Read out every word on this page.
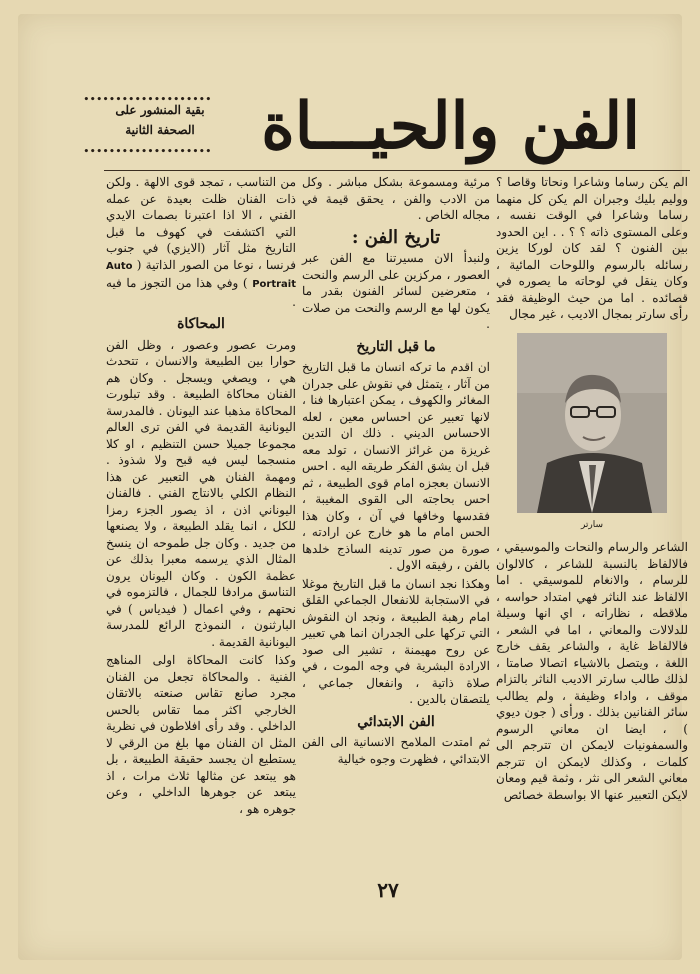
الفن والحيـــاة
••••••••••••••••••••
بقية المنشور على الصحفة الثانية
••••••••••••••••••••

الم يكن رساما وشاعرا ونحاتا وقاصا ؟ ووليم بليك وجبران الم يكن كل منهما رساما وشاعرا في الوقت نفسه ، وعلى المستوى ذاته ؟ ؟ . . اين الحدود بين الفنون ؟ لقد كان لوركا يزين رسائله بالرسوم واللوحات المائية ، وكان ينقل في لوحاته ما يصوره في قصائده . اما من حيث الوظيفة فقد رأى سارتر بمجال الاديب ، غير مجال

سارتر

الشاعر والرسام والنحات والموسيقي ، فالالفاظ بالنسبة للشاعر ، كالالوان للرسام ، والانغام للموسيقي . اما الالفاظ عند الناثر فهي امتداد حواسه ، ملاقطه ، نظاراته ، اي انها وسيلة للدلالات والمعاني ، اما في الشعر ، فالالفاظ غاية ، والشاعر يقف خارج اللغة ، ويتصل بالاشياء اتصالا صامتا ، لذلك طالب سارتر الاديب الناثر بالتزام موقف ، واداء وظيفة ، ولم يطالب سائر الفنانين بذلك . ورأى ( جون ديوي ) ، ايضا ان معاني الرسوم والسمفونيات لايمكن ان تترجم الى كلمات ، وكذلك لايمكن ان تترجم معاني الشعر الى نثر ، وثمة قيم ومعان لايكن التعبير عنها الا بواسطة خصائص

مرئية ومسموعة بشكل مباشر . وكل من الادب والفن ، يحقق قيمة في مجاله الخاص .

تاريخ الفن :

ولنبدأ الان مسيرتنا مع الفن عبر العصور ، مركزين على الرسم والنحت ، متعرضين لسائر الفنون بقدر ما يكون لها مع الرسم والنحت من صلات .

ما قبل التاريخ

ان اقدم ما تركه انسان ما قبل التاريخ من آثار ، يتمثل في نقوش على جدران المغائر والكهوف ، يمكن اعتبارها فنا ، لانها تعبير عن احساس معين ، لعله الاحساس الديني . ذلك ان التدين غريزة من غرائز الانسان ، تولد معه قبل ان يشق الفكر طريقه اليه . احس الانسان بعجزه امام قوى الطبيعة ، ثم احس بحاجته الى القوى المغيبة ، فقدسها وخافها في آن ، وكان هذا الحس امام ما هو خارج عن ارادته ، صورة من صور تدينه الساذج خلدها بالفن ، رفيقه الاول .

وهكذا نجد انسان ما قبل التاريخ موغلا في الاستجابة للانفعال الجماعي القلق امام رهبة الطبيعة ، ونجد ان النقوش التي تركها على الجدران انما هي تعبير عن روح مهيمنة ، تشير الى صود الارادة البشرية في وجه الموت ، في صلاة ذاتية ، وانفعال جماعي ، يلتصقان بالدين .

الفن الابتدائي

ثم امتدت الملامح الانسانية الى الفن الابتدائي ، فظهرت وجوه خيالية

من التناسب ، تمجد قوى الالهة . ولكن ذات الفنان ظلت بعيدة عن عمله الفني ، الا اذا اعتبرنا بصمات الايدي التي اكتشفت في كهوف ما قبل التاريخ مثل آثار (الايزي) في جنوب فرنسا ، نوعا من الصور الذاتية ( Auto Portrait ) وفي هذا من التجوز ما فيه .

المحاكاة

ومرت عصور وعصور ، وظل الفن حوارا بين الطبيعة والانسان ، تتحدث هي ، ويصغي ويسجل . وكان هم الفنان محاكاة الطبيعة . وقد تبلورت المحاكاة مذهبا عند اليونان . فالمدرسة اليونانية القديمة في الفن ترى العالم مجموعا جميلا حسن التنظيم ، او كلا منسجما ليس فيه قبح ولا شذوذ . ومهمة الفنان هي التعبير عن هذا النظام الكلي بالانتاج الفني . فالفنان اليوناني اذن ، اذ يصور الجزء رمزا للكل ، انما يقلد الطبيعة ، ولا يصنعها من جديد . وكان جل طموحه ان ينسخ المثال الذي يرسمه معبرا بذلك عن عظمة الكون . وكان اليونان يرون التناسق مرادفا للجمال ، فالتزموه في نحتهم ، وفي اعمال ( فيدياس ) في البارثنون ، النموذج الرائع للمدرسة اليونانية القديمة .

وكذا كانت المحاكاة اولى المناهج الفنية . والمحاكاة تجعل من الفنان مجرد صانع تقاس صنعته بالاتقان الخارجي اكثر مما تقاس بالحس الداخلي . وقد رأى افلاطون في نظرية المثل ان الفنان مها بلغ من الرقي لا يستطيع ان يجسد حقيقة الطبيعة ، بل هو يبتعد عن مثالها ثلاث مرات ، اذ يبتعد عن جوهرها الداخلي ، وعن جوهره هو ،

٢٧
